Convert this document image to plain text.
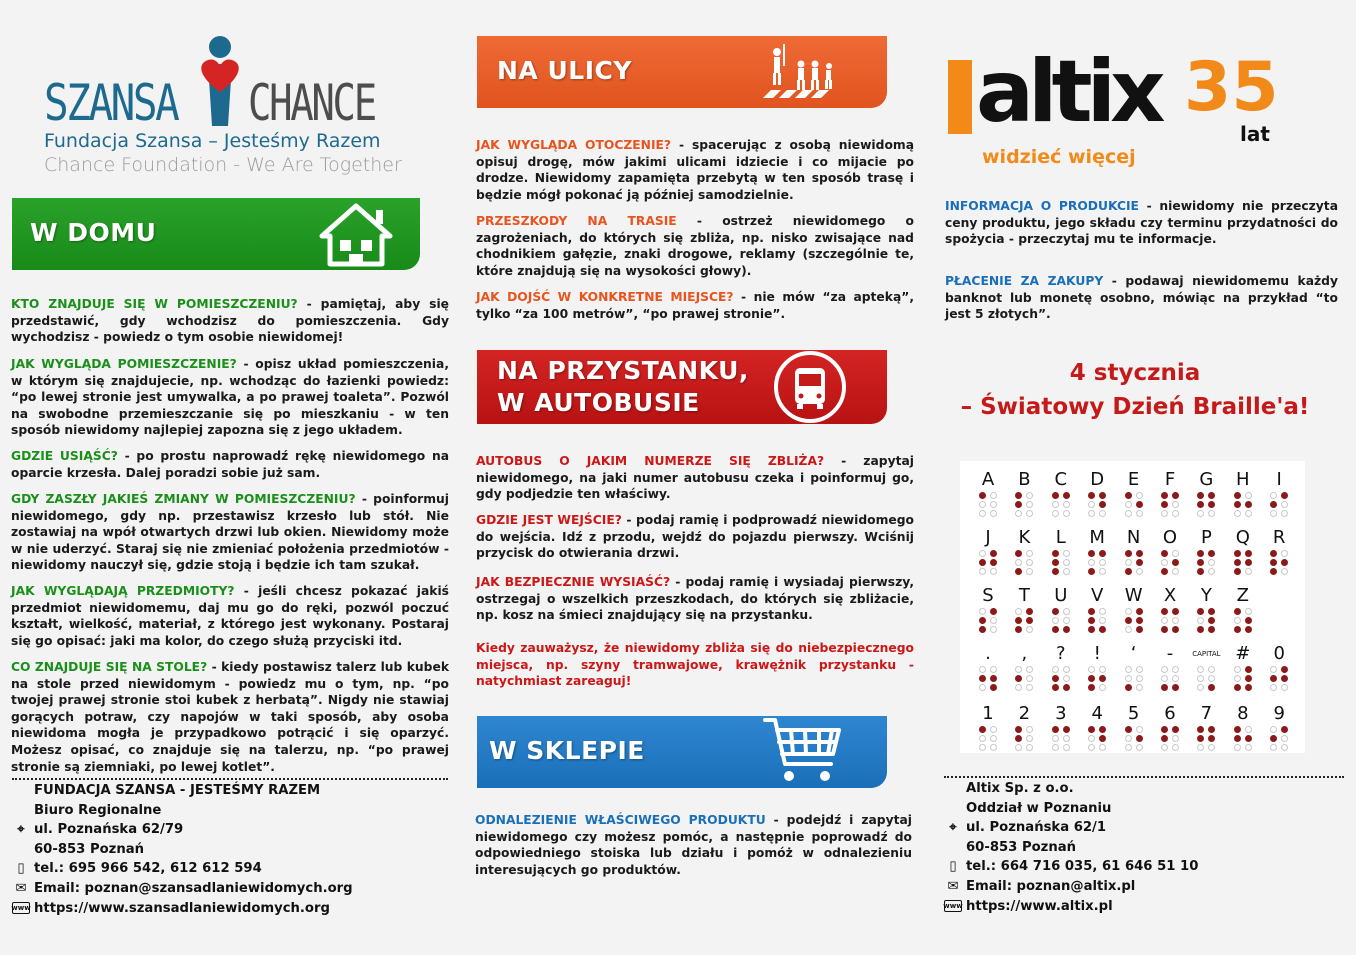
SZANSA CHANCE
Fundacja Szansa – Jesteśmy Razem
Chance Foundation - We Are Together
W DOMU
KTO ZNAJDUJE SIĘ W POMIESZCZENIU? - pamiętaj, aby się przedstawić, gdy wchodzisz do pomieszczenia. Gdy wychodzisz - powiedz o tym osobie niewidomej!
JAK WYGLĄDA POMIESZCZENIE? - opisz układ pomieszczenia, w którym się znajdujecie, np. wchodząc do łazienki powiedz: “po lewej stronie jest umywalka, a po prawej toaleta”. Pozwól na swobodne przemieszczanie się po mieszkaniu - w ten sposób niewidomy najlepiej zapozna się z jego układem.
GDZIE USIĄŚĆ? - po prostu naprowadź rękę niewidomego na oparcie krzesła. Dalej poradzi sobie już sam.
GDY ZASZŁY JAKIEŚ ZMIANY W POMIESZCZENIU? - poinformuj niewidomego, gdy np. przestawisz krzesło lub stół. Nie zostawiaj na wpół otwartych drzwi lub okien. Niewidomy może w nie uderzyć. Staraj się nie zmieniać położenia przedmiotów - niewidomy nauczył się, gdzie stoją i będzie ich tam szukał.
JAK WYGLĄDAJĄ PRZEDMIOTY? - jeśli chcesz pokazać jakiś przedmiot niewidomemu, daj mu go do ręki, pozwól poczuć kształt, wielkość, materiał, z którego jest wykonany. Postaraj się go opisać: jaki ma kolor, do czego służą przyciski itd.
CO ZNAJDUJE SIĘ NA STOLE? - kiedy postawisz talerz lub kubek na stole przed niewidomym - powiedz mu o tym, np. “po twojej prawej stronie stoi kubek z herbatą”. Nigdy nie stawiaj gorących potraw, czy napojów w taki sposób, aby osoba niewidoma mogła je przypadkowo potrącić i się oparzyć. Możesz opisać, co znajduje się na talerzu, np. “po prawej stronie są ziemniaki, po lewej kotlet”.
FUNDACJA SZANSA - JESTEŚMY RAZEM
Biuro Regionalne
⌖ ul. Poznańska 62/79
60-853 Poznań
▯ tel.: 695 966 542, 612 612 594
✉ Email: poznan@szansadlaniewidomych.org
www https://www.szansadlaniewidomych.org
NA ULICY
JAK WYGLĄDA OTOCZENIE? - spacerując z osobą niewidomą opisuj drogę, mów jakimi ulicami idziecie i co mijacie po drodze. Niewidomy zapamięta przebytą w ten sposób trasę i będzie mógł pokonać ją później samodzielnie.
PRZESZKODY NA TRASIE - ostrzeż niewidomego o zagrożeniach, do których się zbliża, np. nisko zwisające nad chodnikiem gałęzie, znaki drogowe, reklamy (szczególnie te, które znajdują się na wysokości głowy).
JAK DOJŚĆ W KONKRETNE MIEJSCE? - nie mów “za apteką”, tylko “za 100 metrów”, “po prawej stronie”.
NA PRZYSTANKU,
W AUTOBUSIE
AUTOBUS O JAKIM NUMERZE SIĘ ZBLIŻA? - zapytaj niewidomego, na jaki numer autobusu czeka i poinformuj go, gdy podjedzie ten właściwy.
GDZIE JEST WEJŚCIE? - podaj ramię i podprowadź niewidomego do wejścia. Idź z przodu, wejdź do pojazdu pierwszy. Wciśnij przycisk do otwierania drzwi.
JAK BEZPIECZNIE WYSIAŚĆ? - podaj ramię i wysiadaj pierwszy, ostrzegaj o wszelkich przeszkodach, do których się zbliżacie, np. kosz na śmieci znajdujący się na przystanku.
Kiedy zauważysz, że niewidomy zbliża się do niebezpiecznego miejsca, np. szyny tramwajowe, krawężnik przystanku - natychmiast zareaguj!
W SKLEPIE
ODNALEZIENIE WŁAŚCIWEGO PRODUKTU - podejdź i zapytaj niewidomego czy możesz pomóc, a następnie poprowadź do odpowiedniego stoiska lub działu i pomóż w odnalezieniu interesujących go produktów.
altix 35
lat
widzieć więcej
INFORMACJA O PRODUKCIE - niewidomy nie przeczyta ceny produktu, jego składu czy terminu przydatności do spożycia - przeczytaj mu te informacje.
PŁACENIE ZA ZAKUPY - podawaj niewidomemu każdy banknot lub monetę osobno, mówiąc na przykład “to jest 5 złotych”.
4 stycznia
– Światowy Dzień Braille'a!
A	B	C	D	E	F	G	H	I
J	K	L	M	N	O	P	Q	R
S	T	U	V	W	X	Y	Z
.	,	?	!	‘	-	CAPITAL #	0
1	2	3	4	5	6	7	8	9
Altix Sp. z o.o.
Oddział w Poznaniu
⌖ ul. Poznańska 62/1
60-853 Poznań
▯ tel.: 664 716 035, 61 646 51 10
✉ Email: poznan@altix.pl
www https://www.altix.pl
